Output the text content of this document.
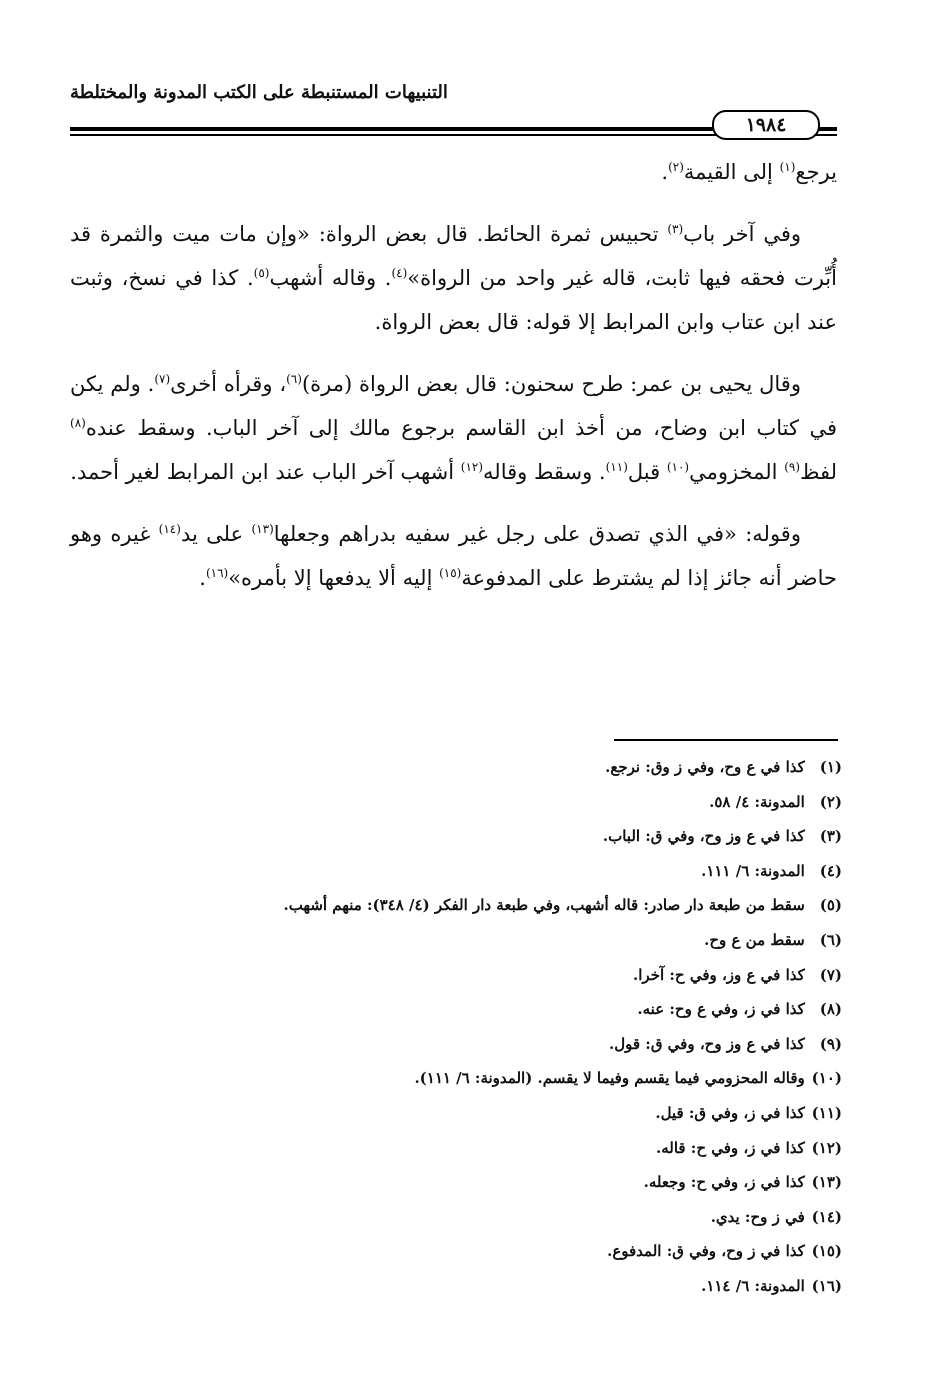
التنبيهات المستنبطة على الكتب المدونة والمختلطة
١٩٨٤

يرجع$^{(١)}$ إلى القيمة$^{(٢)}$.

وفي آخر باب$^{(٣)}$ تحبيس ثمرة الحائط. قال بعض الرواة: «وإن مات ميت والثمرة قد أُبِّرت فحقه فيها ثابت، قاله غير واحد من الرواة»$^{(٤)}$. وقاله أشهب$^{(٥)}$. كذا في نسخ، وثبت عند ابن عتاب وابن المرابط إلا قوله: قال بعض الرواة.

وقال يحيى بن عمر: طرح سحنون: قال بعض الرواة (مرة)$^{(٦)}$، وقرأه أخرى$^{(٧)}$. ولم يكن في كتاب ابن وضاح، من أخذ ابن القاسم برجوع مالك إلى آخر الباب. وسقط عنده$^{(٨)}$ لفظ$^{(٩)}$ المخزومي$^{(١٠)}$ قبل$^{(١١)}$. وسقط وقاله$^{(١٢)}$ أشهب آخر الباب عند ابن المرابط لغير أحمد.

وقوله: «في الذي تصدق على رجل غير سفيه بدراهم وجعلها$^{(١٣)}$ على يد$^{(١٤)}$ غيره وهو حاضر أنه جائز إذا لم يشترط على المدفوعة$^{(١٥)}$ إليه ألا يدفعها إلا بأمره»$^{(١٦)}$.

(١) كذا في ع وح، وفي ز وق: نرجع.
(٢) المدونة: ٤/ ٥٨.
(٣) كذا في ع وز وح، وفي ق: الباب.
(٤) المدونة: ٦/ ١١١.
(٥) سقط من طبعة دار صادر: قاله أشهب، وفي طبعة دار الفكر (٤/ ٣٤٨): منهم أشهب.
(٦) سقط من ع وح.
(٧) كذا في ع وز، وفي ح: آخرا.
(٨) كذا في ز، وفي ع وح: عنه.
(٩) كذا في ع وز وح، وفي ق: قول.
(١٠) وقاله المحزومي فيما يقسم وفيما لا يقسم. (المدونة: ٦/ ١١١).
(١١) كذا في ز، وفي ق: قيل.
(١٢) كذا في ز، وفي ح: قاله.
(١٣) كذا في ز، وفي ح: وجعله.
(١٤) في ز وح: يدي.
(١٥) كذا في ز وح، وفي ق: المدفوع.
(١٦) المدونة: ٦/ ١١٤.
